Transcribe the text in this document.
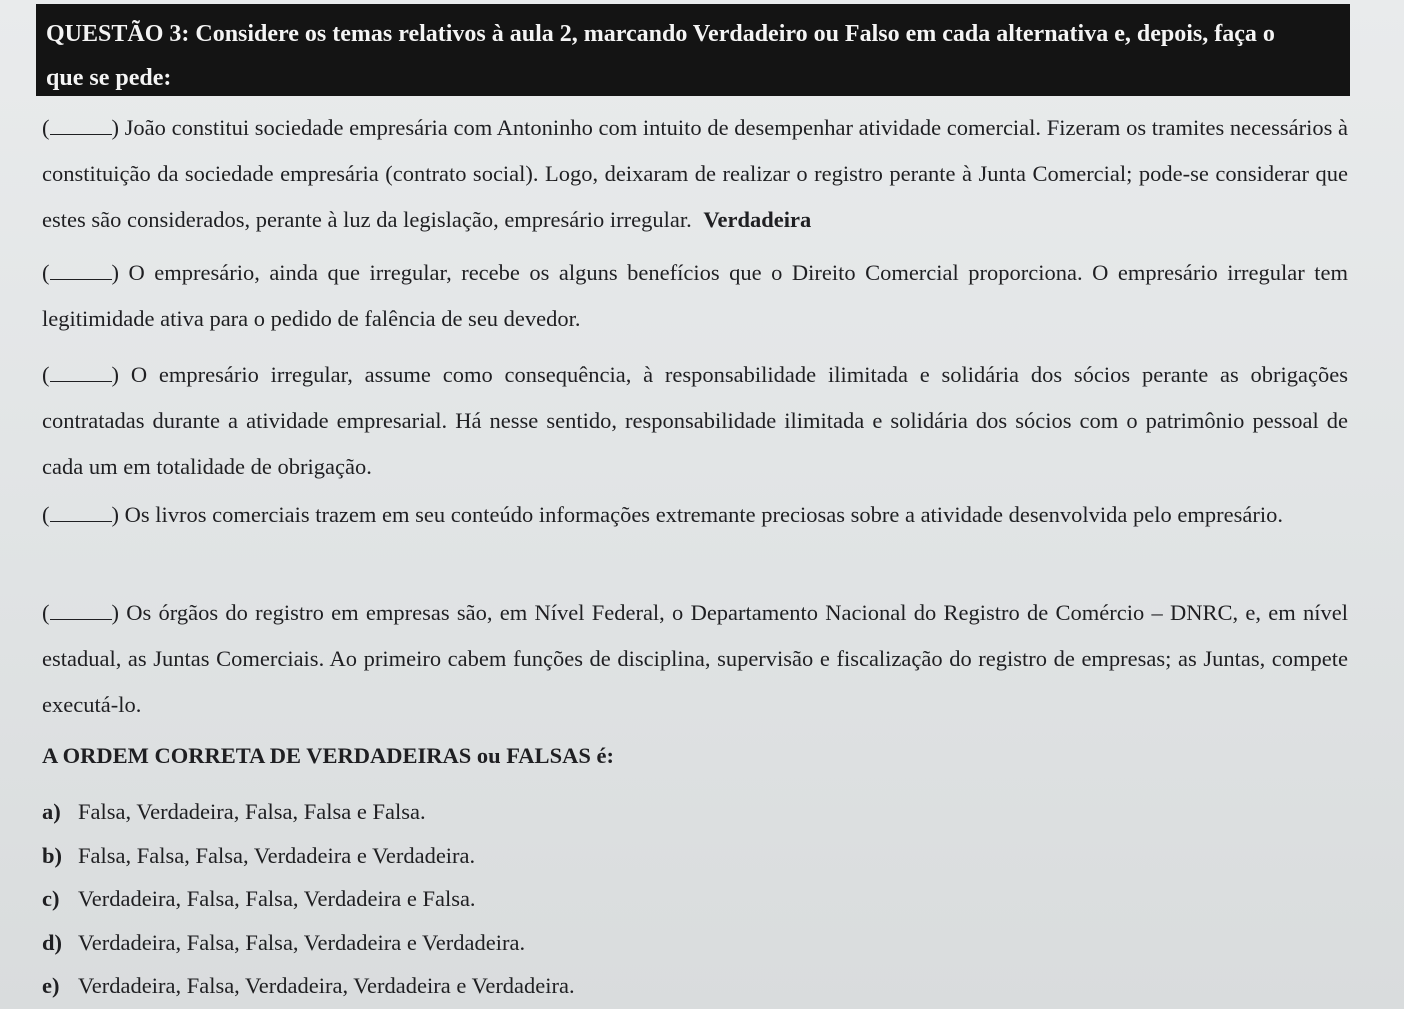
QUESTÃO 3: Considere os temas relativos à aula 2, marcando Verdadeiro ou Falso em cada alternativa e, depois, faça o
que se pede:
(	) João constitui sociedade empresária com Antoninho com intuito de desempenhar atividade comercial. Fizeram os tramites necessários à constituição da sociedade empresária (contrato social). Logo, deixaram de realizar o registro perante à Junta Comercial; pode-se considerar que estes são considerados, perante à luz da legislação, empresário irregular. Verdadeira
(	) O empresário, ainda que irregular, recebe os alguns benefícios que o Direito Comercial proporciona. O empresário irregular tem legitimidade ativa para o pedido de falência de seu devedor.
(	) O empresário irregular, assume como consequência, à responsabilidade ilimitada e solidária dos sócios perante as obrigações contratadas durante a atividade empresarial. Há nesse sentido, responsabilidade ilimitada e solidária dos sócios com o patrimônio pessoal de cada um em totalidade de obrigação.
(	) Os livros comerciais trazem em seu conteúdo informações extremante preciosas sobre a atividade desenvolvida pelo empresário.
(	) Os órgãos do registro em empresas são, em Nível Federal, o Departamento Nacional do Registro de Comércio – DNRC, e, em nível estadual, as Juntas Comerciais. Ao primeiro cabem funções de disciplina, supervisão e fiscalização do registro de empresas; as Juntas, compete executá-lo.
A ORDEM CORRETA DE VERDADEIRAS ou FALSAS é:
a) Falsa, Verdadeira, Falsa, Falsa e Falsa.
b) Falsa, Falsa, Falsa, Verdadeira e Verdadeira.
c) Verdadeira, Falsa, Falsa, Verdadeira e Falsa.
d) Verdadeira, Falsa, Falsa, Verdadeira e Verdadeira.
e) Verdadeira, Falsa, Verdadeira, Verdadeira e Verdadeira.
